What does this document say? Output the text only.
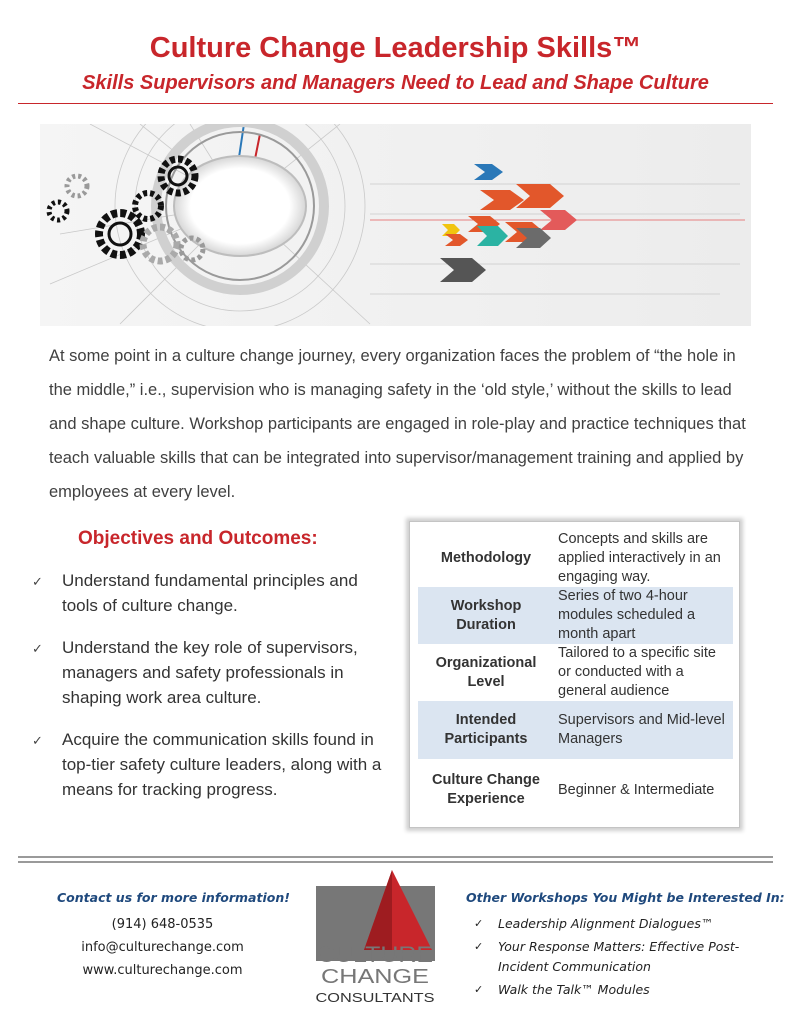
Culture Change Leadership Skills™
Skills Supervisors and Managers Need to Lead and Shape Culture
At some point in a culture change journey, every organization faces the problem of “the hole in the middle,” i.e., supervision who is managing safety in the ‘old style,’ without the skills to lead and shape culture. Workshop participants are engaged in role-play and practice techniques that teach valuable skills that can be integrated into supervisor/management training and applied by employees at every level.
Objectives and Outcomes:
✓ Understand fundamental principles and tools of culture change.
✓ Understand the key role of supervisors, managers and safety professionals in shaping work area culture.
✓ Acquire the communication skills found in top-tier safety culture leaders, along with a means for tracking progress.
Methodology	Concepts and skills are applied interactively in an engaging way.
Workshop Duration	Series of two 4-hour modules scheduled a month apart
Organizational Level	Tailored to a specific site or conducted with a general audience
Intended Participants	Supervisors and Mid-level Managers
Culture Change Experience	Beginner & Intermediate
Contact us for more information!
(914) 648-0535
info@culturechange.com
www.culturechange.com
CULTURE
CHANGE
CONSULTANTS
Other Workshops You Might be Interested In:
✓ Leadership Alignment Dialogues™
✓ Your Response Matters: Effective Post-Incident Communication
✓ Walk the Talk™ Modules
